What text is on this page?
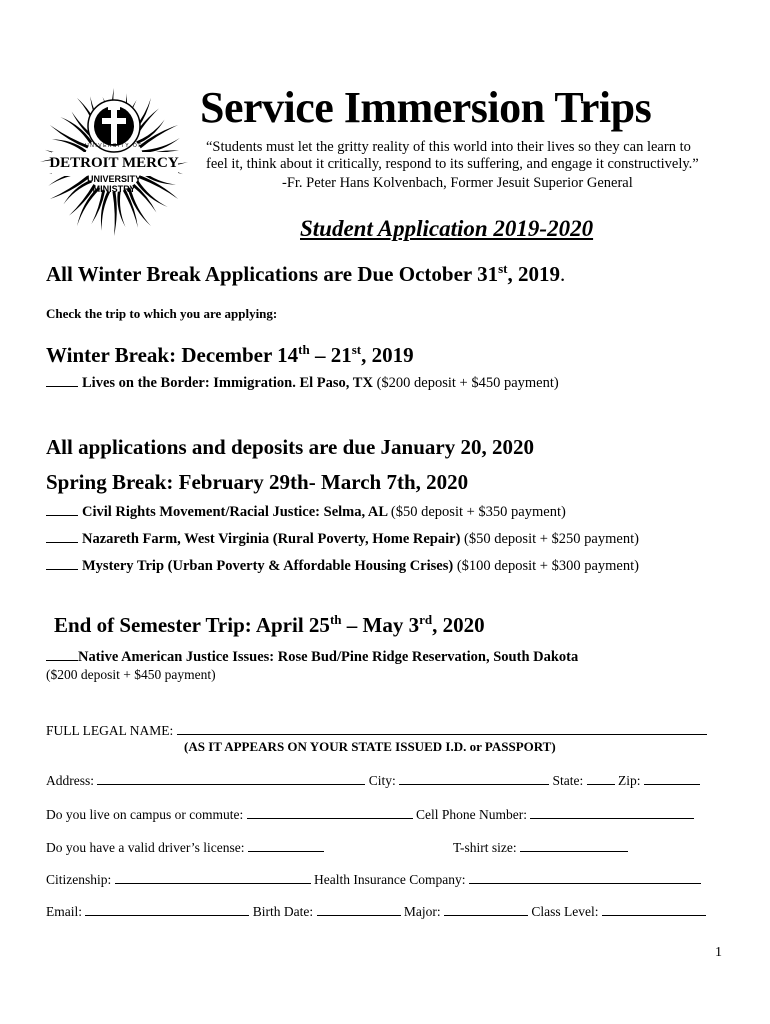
UNIVERSITY OF
DETROIT MERCY
UNIVERSITY
MINISTRY
Service Immersion Trips
“Students must let the gritty reality of this world into their lives so they can learn to
feel it, think about it critically, respond to its suffering, and engage it constructively.”
-Fr. Peter Hans Kolvenbach, Former Jesuit Superior General
Student Application 2019-2020
All Winter Break Applications are Due October 31st, 2019.
Check the trip to which you are applying:
Winter Break: December 14th – 21st, 2019
Lives on the Border: Immigration. El Paso, TX ($200 deposit + $450 payment)
All applications and deposits are due January 20, 2020
Spring Break: February 29th- March 7th, 2020
Civil Rights Movement/Racial Justice: Selma, AL ($50 deposit + $350 payment)
Nazareth Farm, West Virginia (Rural Poverty, Home Repair) ($50 deposit + $250 payment)
Mystery Trip (Urban Poverty & Affordable Housing Crises) ($100 deposit + $300 payment)
End of Semester Trip: April 25th – May 3rd, 2020
Native American Justice Issues: Rose Bud/Pine Ridge Reservation, South Dakota
($200 deposit + $450 payment)
FULL LEGAL NAME:
(AS IT APPEARS ON YOUR STATE ISSUED I.D. or PASSPORT)
Address:	City:	State:	Zip:
Do you live on campus or commute:	Cell Phone Number:
Do you have a valid driver’s license:	T-shirt size:
Citizenship:	Health Insurance Company:
Email:	Birth Date:	Major:	Class Level:
1
